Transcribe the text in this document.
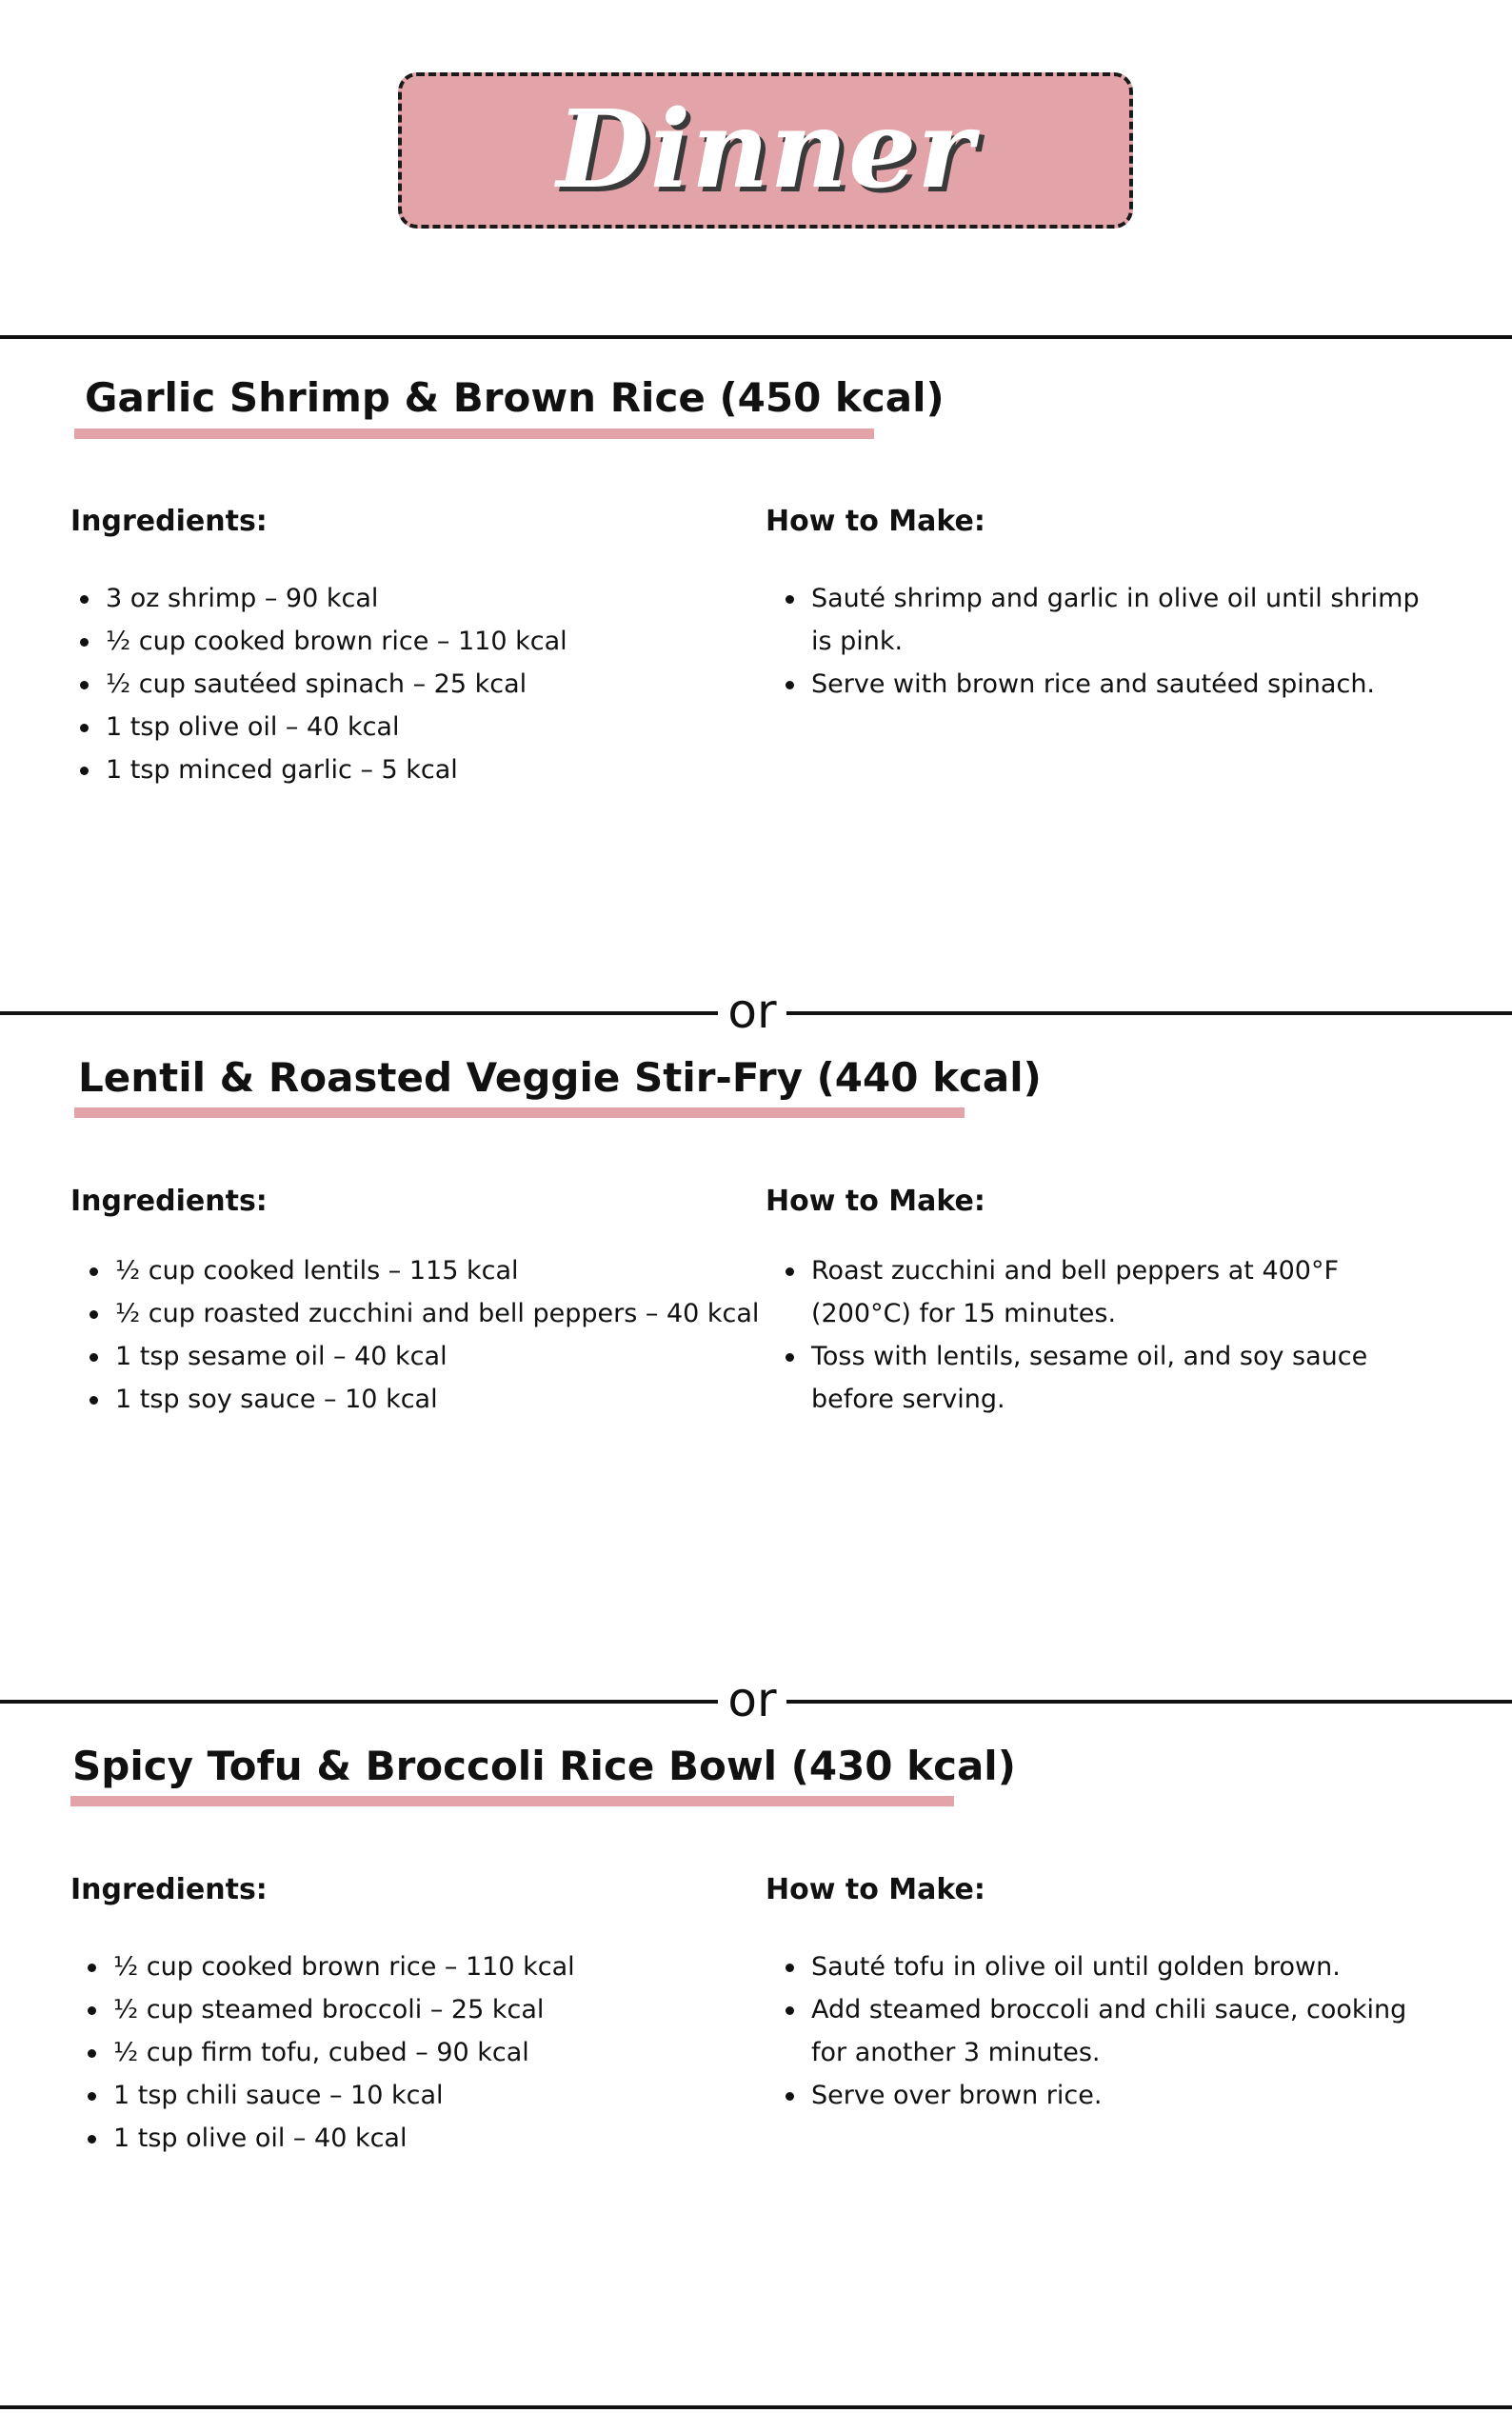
Dinner
Garlic Shrimp & Brown Rice (450 kcal)
Ingredients:
3 oz shrimp – 90 kcal
½ cup cooked brown rice – 110 kcal
½ cup sautéed spinach – 25 kcal
1 tsp olive oil – 40 kcal
1 tsp minced garlic – 5 kcal
How to Make:
Sauté shrimp and garlic in olive oil until shrimp is pink.
Serve with brown rice and sautéed spinach.
or
Lentil & Roasted Veggie Stir-Fry (440 kcal)
Ingredients:
½ cup cooked lentils – 115 kcal
½ cup roasted zucchini and bell peppers – 40 kcal
1 tsp sesame oil – 40 kcal
1 tsp soy sauce – 10 kcal
How to Make:
Roast zucchini and bell peppers at 400°F (200°C) for 15 minutes.
Toss with lentils, sesame oil, and soy sauce before serving.
or
Spicy Tofu & Broccoli Rice Bowl (430 kcal)
Ingredients:
½ cup cooked brown rice – 110 kcal
½ cup steamed broccoli – 25 kcal
½ cup firm tofu, cubed – 90 kcal
1 tsp chili sauce – 10 kcal
1 tsp olive oil – 40 kcal
How to Make:
Sauté tofu in olive oil until golden brown.
Add steamed broccoli and chili sauce, cooking for another 3 minutes.
Serve over brown rice.
